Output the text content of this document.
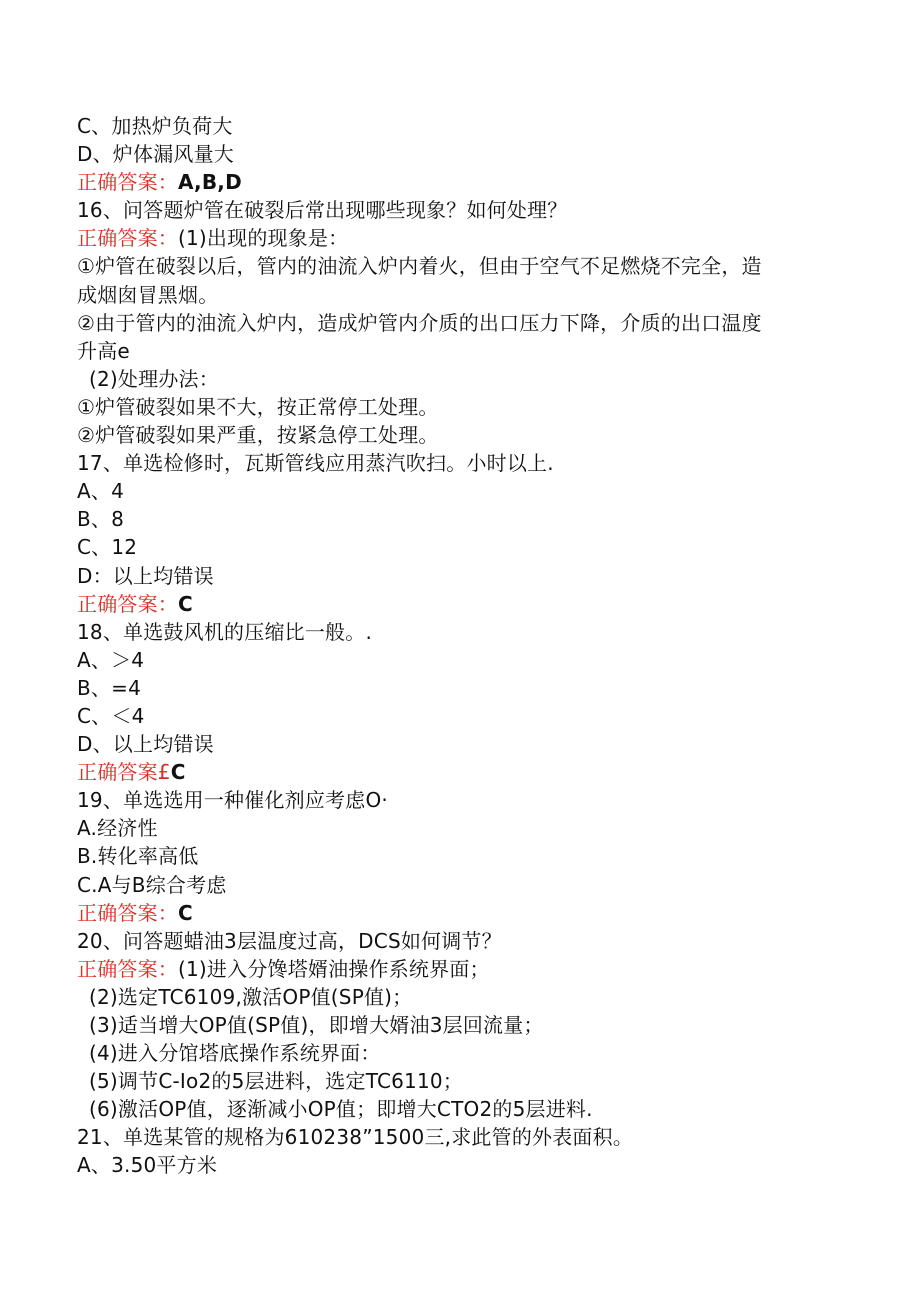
C、加热炉负荷大
D、炉体漏风量大
正确答案：A,B,D
16、问答题炉管在破裂后常出现哪些现象？如何处理？
正确答案：(1)出现的现象是：
①炉管在破裂以后，管内的油流入炉内着火，但由于空气不足燃烧不完全，造
成烟囱冒黑烟。
②由于管内的油流入炉内，造成炉管内介质的出口压力下降，介质的出口温度
升高e
(2)处理办法：
①炉管破裂如果不大，按正常停工处理。
②炉管破裂如果严重，按紧急停工处理。
17、单选检修时，瓦斯管线应用蒸汽吹扫。小时以上.
A、4
B、8
C、12
D：以上均错误
正确答案：C
18、单选鼓风机的压缩比一般。.
A、＞4
B、=4
C、＜4
D、以上均错误
正确答案£C
19、单选选用一种催化剂应考虑O·
A.经济性
B.转化率高低
C.A与B综合考虑
正确答案：C
20、问答题蜡油3层温度过高，DCS如何调节？
正确答案：(1)进入分馋塔婿油操作系统界面；
(2)选定TC6109,激活OP值(SP值)；
(3)适当增大OP值(SP值)，即增大婿油3层回流量；
(4)进入分馆塔底操作系统界面：
(5)调节C-Io2的5层进料，选定TC6110；
(6)激活OP值，逐渐减小OP值；即增大CTO2的5层进料.
21、单选某管的规格为610238”1500三,求此管的外表面积。
A、3.50平方米
